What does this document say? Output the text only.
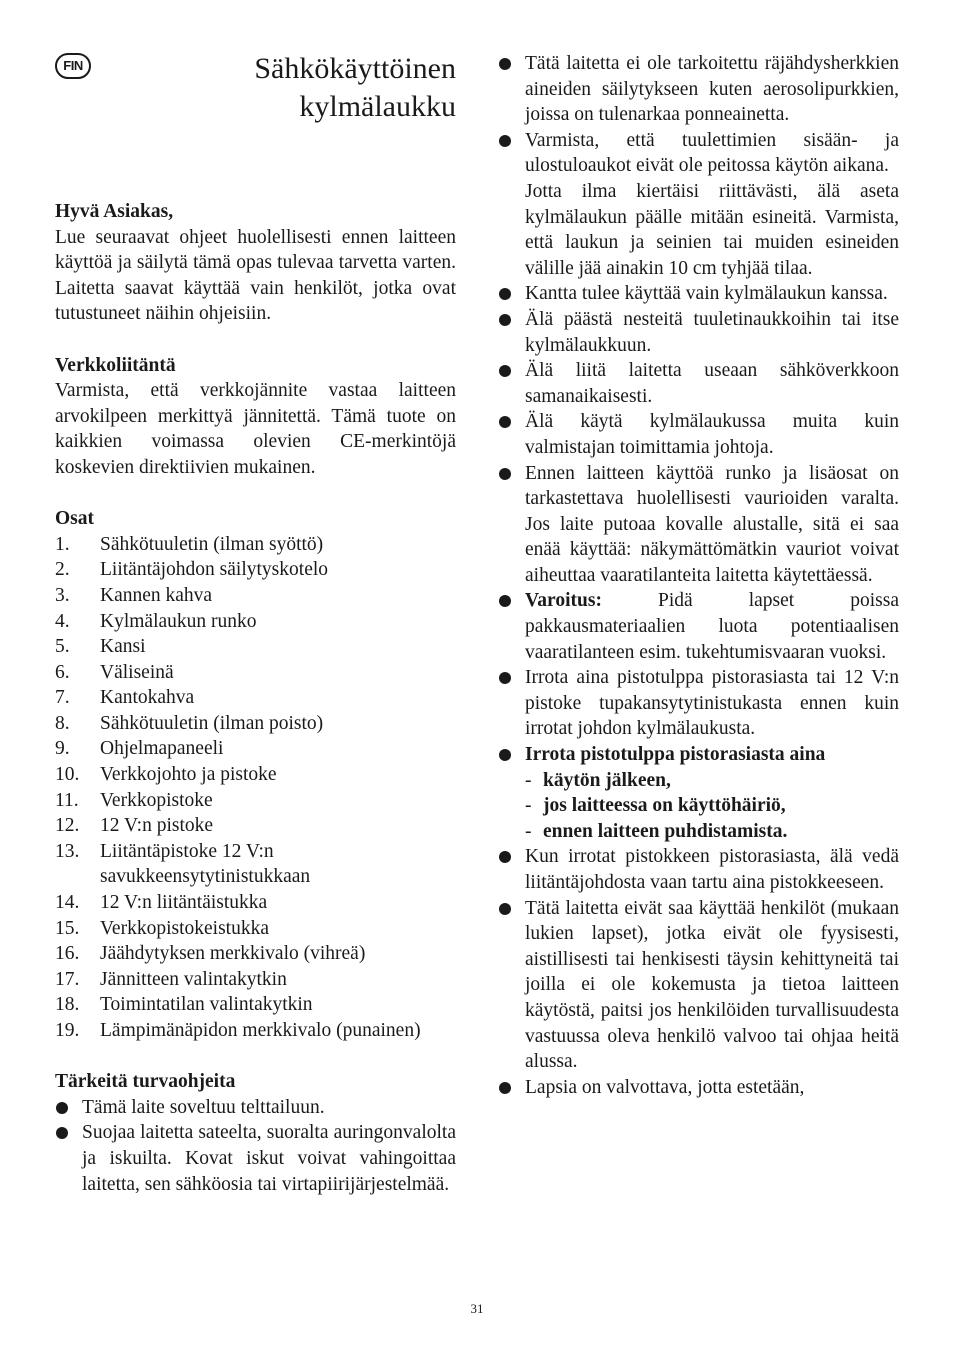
FIN	Sähkökäyttöinen
kylmälaukku
Hyvä Asiakas,

Lue seuraavat ohjeet huolellisesti ennen laitteen käyttöä ja säilytä tämä opas tulevaa tarvetta varten. Laitetta saavat käyttää vain henkilöt, jotka ovat tutustuneet näihin ohjeisiin.

Verkkoliitäntä

Varmista, että verkkojännite vastaa laitteen arvokilpeen merkittyä jännitettä. Tämä tuote on kaikkien voimassa olevien CE-merkintöjä koskevien direktiivien mukainen.

Osat
1.	Sähkötuuletin (ilman syöttö)
2.	Liitäntäjohdon säilytyskotelo
3.	Kannen kahva
4.	Kylmälaukun runko
5.	Kansi
6.	Väliseinä
7.	Kantokahva
8.	Sähkötuuletin (ilman poisto)
9.	Ohjelmapaneeli
10.	Verkkojohto ja pistoke
11.	Verkkopistoke
12.	12 V:n pistoke
13.	Liitäntäpistoke 12 V:n savukkeensytytinistukkaan
14.	12 V:n liitäntäistukka
15.	Verkkopistokeistukka
16.	Jäähdytyksen merkkivalo (vihreä)
17.	Jännitteen valintakytkin
18.	Toimintatilan valintakytkin
19.	Lämpimänäpidon merkkivalo (punainen)
Tärkeitä turvaohjeita
Tämä laite soveltuu telttailuun.
Suojaa laitetta sateelta, suoralta auringonvalolta ja iskuilta. Kovat iskut voivat vahingoittaa laitetta, sen sähköosia tai virtapiirijärjestelmää.
Tätä laitetta ei ole tarkoitettu räjähdysherkkien aineiden säilytykseen kuten aerosolipurkkien, joissa on tulenarkaa ponneainetta.

Varmista, että tuulettimien sisään- ja ulostuloaukot eivät ole peitossa käytön aikana.

Jotta ilma kiertäisi riittävästi, älä aseta kylmälaukun päälle mitään esineitä. Varmista, että laukun ja seinien tai muiden esineiden välille jää ainakin 10 cm tyhjää tilaa.

Kantta tulee käyttää vain kylmälaukun kanssa.
Älä päästä nesteitä tuuletinaukkoihin tai itse kylmälaukkuun.
Älä liitä laitetta useaan sähköverkkoon samanaikaisesti.
Älä käytä kylmälaukussa muita kuin valmistajan toimittamia johtoja.
Ennen laitteen käyttöä runko ja lisäosat on tarkastettava huolellisesti vaurioiden varalta. Jos laite putoaa kovalle alustalle, sitä ei saa enää käyttää: näkymättömätkin vauriot voivat aiheuttaa vaaratilanteita laitetta käytettäessä.
Varoitus:	Pidä lapset poissa pakkausmateriaalien luota potentiaalisen vaaratilanteen esim. tukehtumisvaaran vuoksi.
Irrota aina pistotulppa pistorasiasta tai 12 V:n pistoke tupakansytytinistukasta ennen kuin irrotat johdon kylmälaukusta.
Irrota pistotulppa pistorasiasta aina
- käytön jälkeen,
- jos laitteessa on käyttöhäiriö,
- ennen laitteen puhdistamista.
Kun irrotat pistokkeen pistorasiasta, älä vedä liitäntäjohdosta vaan tartu aina pistokkeeseen.
Tätä laitetta eivät saa käyttää henkilöt (mukaan lukien lapset), jotka eivät ole fyysisesti, aistillisesti tai henkisesti täysin kehittyneitä tai joilla ei ole kokemusta ja tietoa laitteen käytöstä, paitsi jos henkilöiden turvallisuudesta vastuussa oleva henkilö valvoo tai ohjaa heitä alussa.
Lapsia on valvottava, jotta estetään,
31
